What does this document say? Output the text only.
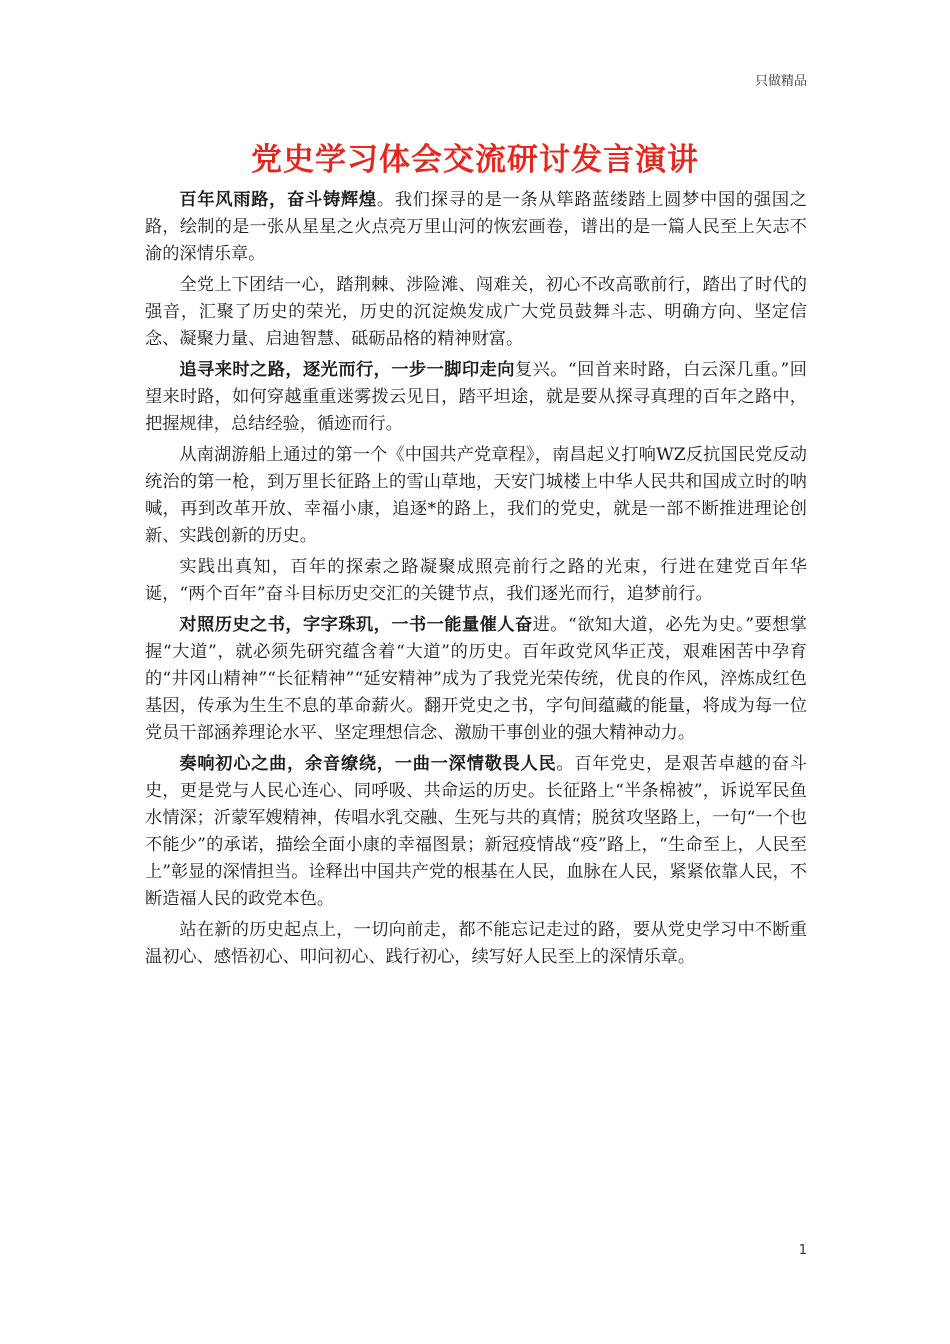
只做精品
党史学习体会交流研讨发言演讲

百年风雨路，奋斗铸辉煌。我们探寻的是一条从筚路蓝缕踏上圆梦中国的强国之路，绘制的是一张从星星之火点亮万里山河的恢宏画卷，谱出的是一篇人民至上矢志不渝的深情乐章。

全党上下团结一心，踏荆棘、涉险滩、闯难关，初心不改高歌前行，踏出了时代的强音，汇聚了历史的荣光，历史的沉淀焕发成广大党员鼓舞斗志、明确方向、坚定信念、凝聚力量、启迪智慧、砥砺品格的精神财富。

追寻来时之路，逐光而行，一步一脚印走向复兴。“回首来时路，白云深几重。”回望来时路，如何穿越重重迷雾拨云见日，踏平坦途，就是要从探寻真理的百年之路中，把握规律，总结经验，循迹而行。

从南湖游船上通过的第一个《中国共产党章程》，南昌起义打响WZ反抗国民党反动统治的第一枪，到万里长征路上的雪山草地，天安门城楼上中华人民共和国成立时的呐喊，再到改革开放、幸福小康，追逐*的路上，我们的党史，就是一部不断推进理论创新、实践创新的历史。

实践出真知，百年的探索之路凝聚成照亮前行之路的光束，行进在建党百年华诞，“两个百年”奋斗目标历史交汇的关键节点，我们逐光而行，追梦前行。

对照历史之书，字字珠玑，一书一能量催人奋进。“欲知大道，必先为史。”要想掌握“大道”，就必须先研究蕴含着“大道”的历史。百年政党风华正茂，艰难困苦中孕育的“井冈山精神”“长征精神”“延安精神”成为了我党光荣传统，优良的作风，淬炼成红色基因，传承为生生不息的革命薪火。翻开党史之书，字句间蕴藏的能量，将成为每一位党员干部涵养理论水平、坚定理想信念、激励干事创业的强大精神动力。

奏响初心之曲，余音缭绕，一曲一深情敬畏人民。百年党史，是艰苦卓越的奋斗史，更是党与人民心连心、同呼吸、共命运的历史。长征路上“半条棉被”，诉说军民鱼水情深；沂蒙军嫂精神，传唱水乳交融、生死与共的真情；脱贫攻坚路上，一句“一个也不能少”的承诺，描绘全面小康的幸福图景；新冠疫情战“疫”路上，“生命至上，人民至上”彰显的深情担当。诠释出中国共产党的根基在人民，血脉在人民，紧紧依靠人民，不断造福人民的政党本色。

站在新的历史起点上，一切向前走，都不能忘记走过的路，要从党史学习中不断重温初心、感悟初心、叩问初心、践行初心，续写好人民至上的深情乐章。

1
